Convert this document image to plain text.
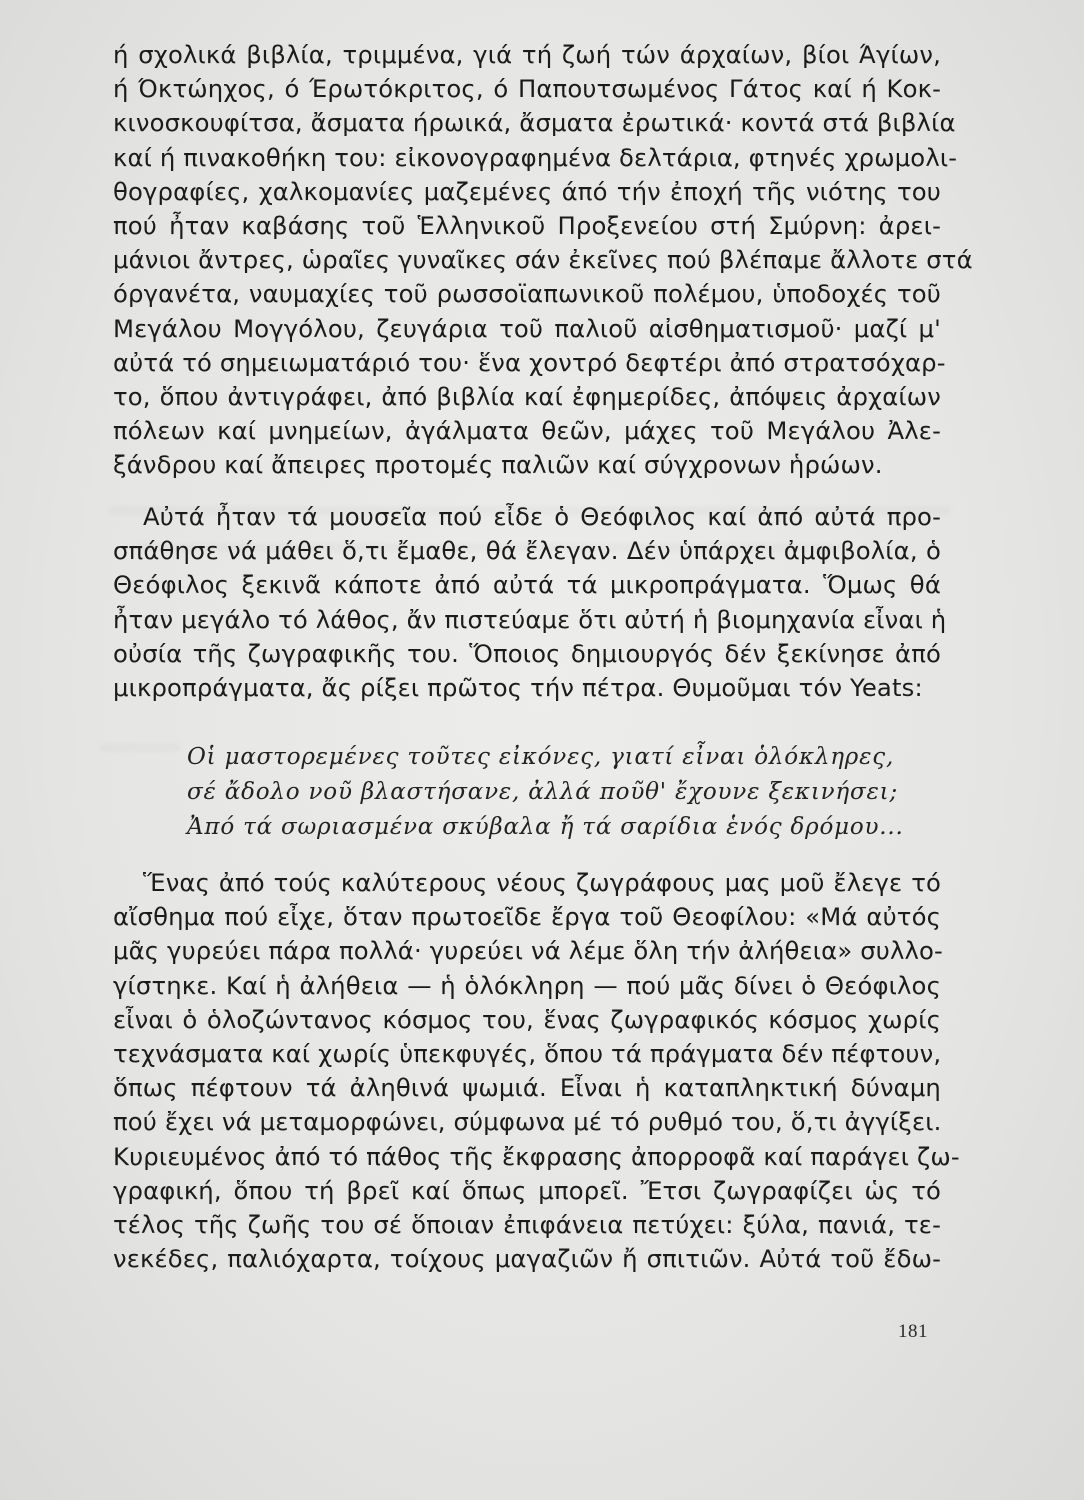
ή σχολικά βιβλία, τριμμένα, γιά τή ζωή τών άρχαίων, βίοι Άγίων,
ή Όκτώηχος, ό Έρωτόκριτος, ό Παπουτσωμένος Γάτος καί ή Κοκ-
κινοσκουφίτσα, ἄσματα ήρωικά, ἄσματα ἐρωτικά· κοντά στά βιβλία
καί ή πινακοθήκη του: εἰκονογραφημένα δελτάρια, φτηνές χρωμολι-
θογραφίες, χαλκομανίες μαζεμένες άπό τήν ἐποχή τῆς νιότης του
πού ἦταν καβάσης τοῦ Ἑλληνικοῦ Προξενείου στή Σμύρνη: ἀρει-
μάνιοι ἄντρες, ὡραῖες γυναῖκες σάν ἐκεῖνες πού βλέπαμε ἄλλοτε στά
όργανέτα, ναυμαχίες τοῦ ρωσσοϊαπωνικοῦ πολέμου, ὑποδοχές τοῦ
Μεγάλου Μογγόλου, ζευγάρια τοῦ παλιοῦ αἰσθηματισμοῦ· μαζί μ'
αὐτά τό σημειωματάριό του· ἕνα χοντρό δεφτέρι ἀπό στρατσόχαρ-
το, ὅπου ἀντιγράφει, ἀπό βιβλία καί ἐφημερίδες, ἀπόψεις ἀρχαίων
πόλεων καί μνημείων, ἀγάλματα θεῶν, μάχες τοῦ Μεγάλου Ἀλε-
ξάνδρου καί ἄπειρες προτομές παλιῶν καί σύγχρονων ἡρώων.
Αὐτά ἦταν τά μουσεῖα πού εἶδε ὁ Θεόφιλος καί ἀπό αὐτά προ-
σπάθησε νά μάθει ὅ,τι ἔμαθε, θά ἔλεγαν. Δέν ὑπάρχει ἀμφιβολία, ὁ
Θεόφιλος ξεκινᾶ κάποτε ἀπό αὐτά τά μικροπράγματα. Ὅμως θά
ἦταν μεγάλο τό λάθος, ἄν πιστεύαμε ὅτι αὐτή ἡ βιομηχανία εἶναι ἡ
οὐσία τῆς ζωγραφικῆς του. Ὅποιος δημιουργός δέν ξεκίνησε ἀπό
μικροπράγματα, ἄς ρίξει πρῶτος τήν πέτρα. Θυμοῦμαι τόν Yeats:
Οἱ μαστορεμένες τοῦτες εἰκόνες, γιατί εἶναι ὁλόκληρες,
σέ ἄδολο νοῦ βλαστήσανε, ἀλλά ποῦθ' ἔχουνε ξεκινήσει;
Ἀπό τά σωριασμένα σκύβαλα ἤ τά σαρίδια ἑνός δρόμου...
Ἕνας ἀπό τούς καλύτερους νέους ζωγράφους μας μοῦ ἔλεγε τό
αἴσθημα πού εἶχε, ὅταν πρωτοεῖδε ἔργα τοῦ Θεοφίλου: «Μά αὐτός
μᾶς γυρεύει πάρα πολλά· γυρεύει νά λέμε ὅλη τήν ἀλήθεια» συλλο-
γίστηκε. Καί ἡ ἀλήθεια — ἡ ὁλόκληρη — πού μᾶς δίνει ὁ Θεόφιλος
εἶναι ὁ ὁλοζώντανος κόσμος του, ἕνας ζωγραφικός κόσμος χωρίς
τεχνάσματα καί χωρίς ὑπεκφυγές, ὅπου τά πράγματα δέν πέφτουν,
ὅπως πέφτουν τά ἀληθινά ψωμιά. Εἶναι ἡ καταπληκτική δύναμη
πού ἔχει νά μεταμορφώνει, σύμφωνα μέ τό ρυθμό του, ὅ,τι ἀγγίξει.
Κυριευμένος ἀπό τό πάθος τῆς ἔκφρασης ἀπορροφᾶ καί παράγει ζω-
γραφική, ὅπου τή βρεῖ καί ὅπως μπορεῖ. Ἔτσι ζωγραφίζει ὡς τό
τέλος τῆς ζωῆς του σέ ὅποιαν ἐπιφάνεια πετύχει: ξύλα, πανιά, τε-
νεκέδες, παλιόχαρτα, τοίχους μαγαζιῶν ἤ σπιτιῶν. Αὐτά τοῦ ἔδω-
181
